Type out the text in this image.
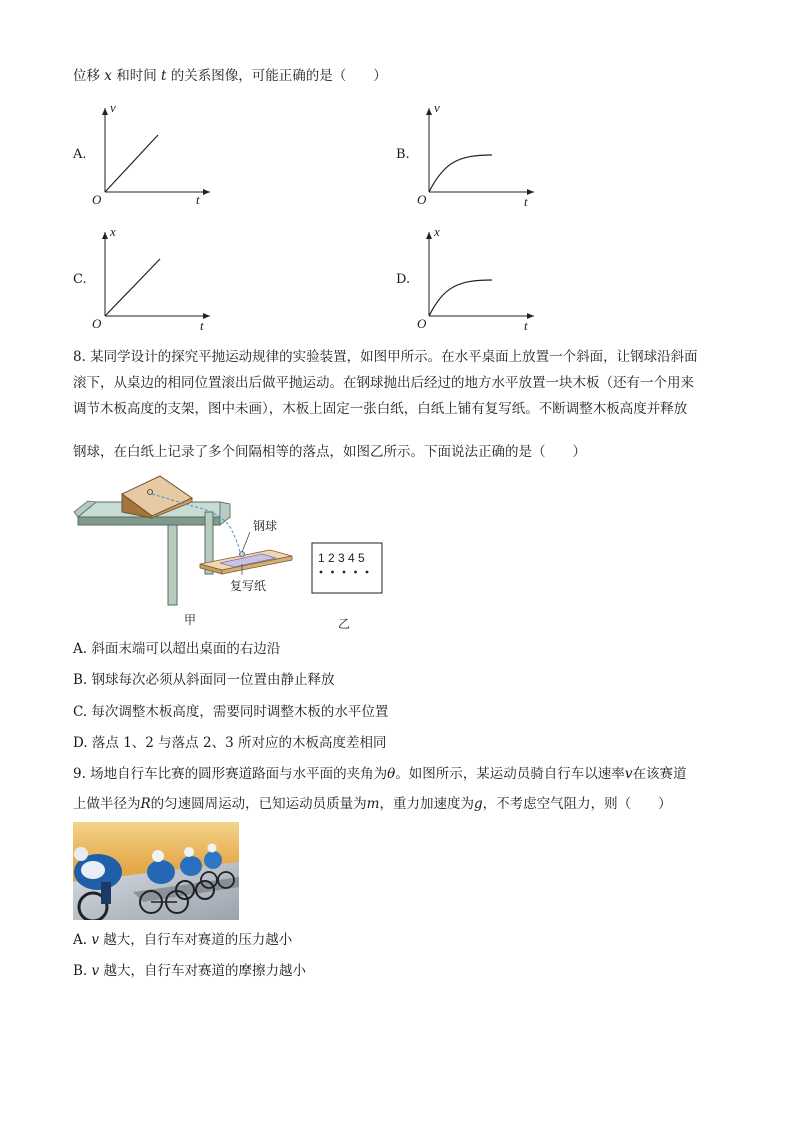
位移 x 和时间 t 的关系图像，可能正确的是（　　）
A.	B.
C.	D.
v
t
O
v
t
O
x
t
O
x
t
O
8. 某同学设计的探究平抛运动规律的实验装置，如图甲所示。在水平桌面上放置一个斜面，让钢球沿斜面
滚下，从桌边的相同位置滚出后做平抛运动。在钢球抛出后经过的地方水平放置一块木板（还有一个用来
调节木板高度的支架，图中未画），木板上固定一张白纸，白纸上铺有复写纸。不断调整木板高度并释放
钢球，在白纸上记录了多个间隔相等的落点，如图乙所示。下面说法正确的是（　　）
钢球
复写纸
甲
1 2 3 4 5
乙
A. 斜面末端可以超出桌面的右边沿
B. 钢球每次必须从斜面同一位置由静止释放
C. 每次调整木板高度，需要同时调整木板的水平位置
D. 落点 1、2 与落点 2、3 所对应的木板高度差相同
9. 场地自行车比赛的圆形赛道路面与水平面的夹角为θ。如图所示，某运动员骑自行车以速率v在该赛道
上做半径为R的匀速圆周运动，已知运动员质量为m，重力加速度为g，不考虑空气阻力，则（　　）
A. v 越大，自行车对赛道的压力越小
B. v 越大，自行车对赛道的摩擦力越小
